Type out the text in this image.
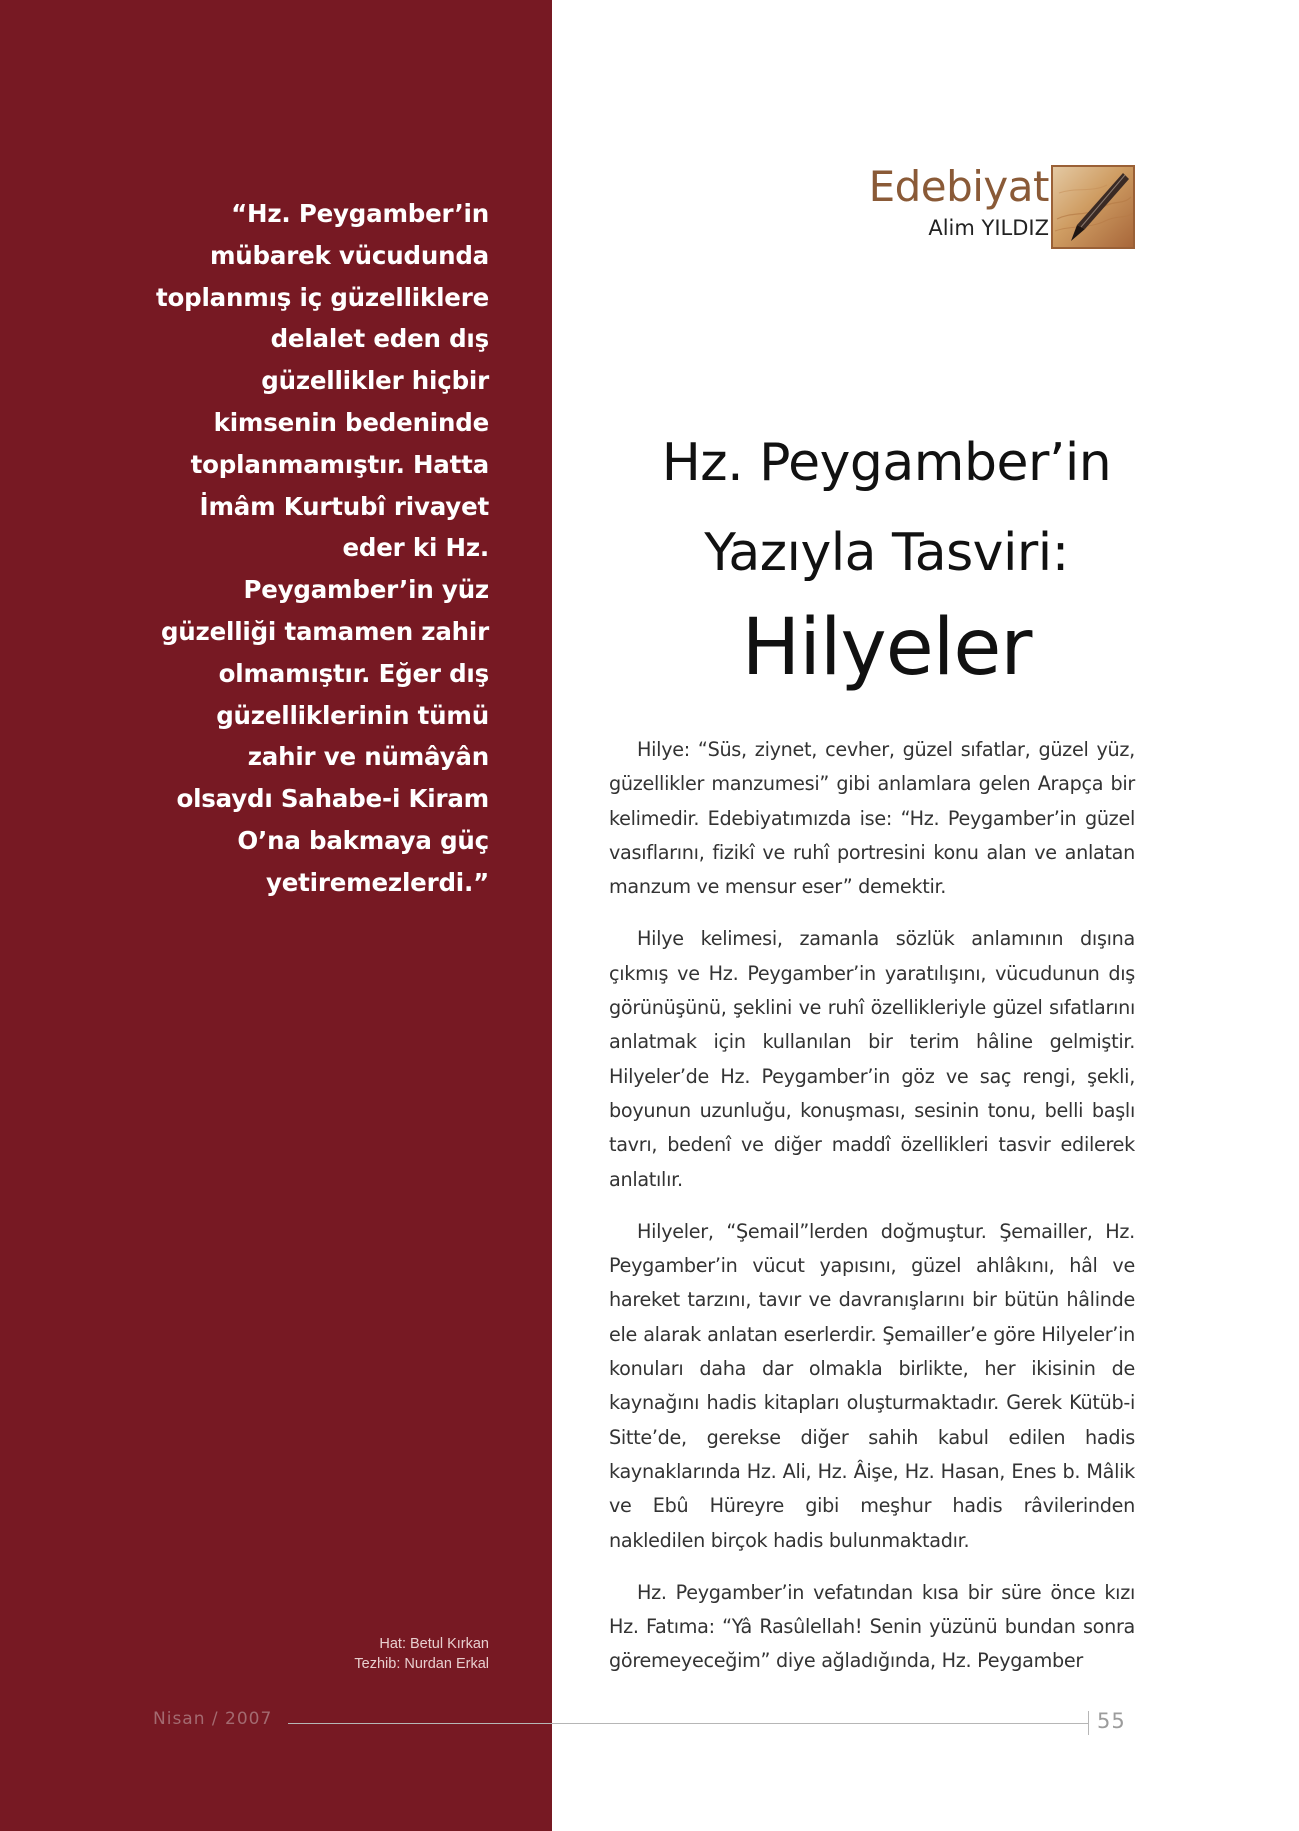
“Hz. Peygamber’in mübarek vücudunda toplanmış iç güzelliklere delalet eden dış güzellikler hiçbir kimsenin bedeninde toplanmamıştır. Hatta İmâm Kurtubî rivayet eder ki Hz. Peygamber’in yüz güzelliği tamamen zahir olmamıştır. Eğer dış güzelliklerinin tümü zahir ve nümâyân olsaydı Sahabe-i Kiram O’na bakmaya güç yetiremezlerdi.”

Hat: Betul Kırkan
Tezhib: Nurdan Erkal
Edebiyat
Alim YILDIZ
Hz. Peygamber’in
Yazıyla Tasviri:
Hilyeler

Hilye: “Süs, ziynet, cevher, güzel sıfatlar, güzel yüz, güzellikler manzumesi” gibi anlamlara gelen Arapça bir kelimedir. Edebiyatımızda ise: “Hz. Peygamber’in güzel vasıflarını, fizikî ve ruhî portresini konu alan ve anlatan manzum ve mensur eser” demektir.

Hilye kelimesi, zamanla sözlük anlamının dışına çıkmış ve Hz. Peygamber’in yaratılışını, vücudunun dış görünüşünü, şeklini ve ruhî özellikleriyle güzel sıfatlarını anlatmak için kullanılan bir terim hâline gelmiştir. Hilyeler’de Hz. Peygamber’in göz ve saç rengi, şekli, boyunun uzunluğu, konuşması, sesinin tonu, belli başlı tavrı, bedenî ve diğer maddî özellikleri tasvir edilerek anlatılır.

Hilyeler, “Şemail”lerden doğmuştur. Şemailler, Hz. Peygamber’in vücut yapısını, güzel ahlâkını, hâl ve hareket tarzını, tavır ve davranışlarını bir bütün hâlinde ele alarak anlatan eserlerdir. Şemailler’e göre Hilyeler’in konuları daha dar olmakla birlikte, her ikisinin de kaynağını hadis kitapları oluşturmaktadır. Gerek Kütüb-i Sitte’de, gerekse diğer sahih kabul edilen hadis kaynaklarında Hz. Ali, Hz. Âişe, Hz. Hasan, Enes b. Mâlik ve Ebû Hüreyre gibi meşhur hadis râvilerinden nakledilen birçok hadis bulunmaktadır.

Hz. Peygamber’in vefatından kısa bir süre önce kızı Hz. Fatıma: “Yâ Rasûlellah! Senin yüzünü bundan sonra göremeyeceğim” diye ağladığında, Hz. Peygamber

Nisan / 2007	55
